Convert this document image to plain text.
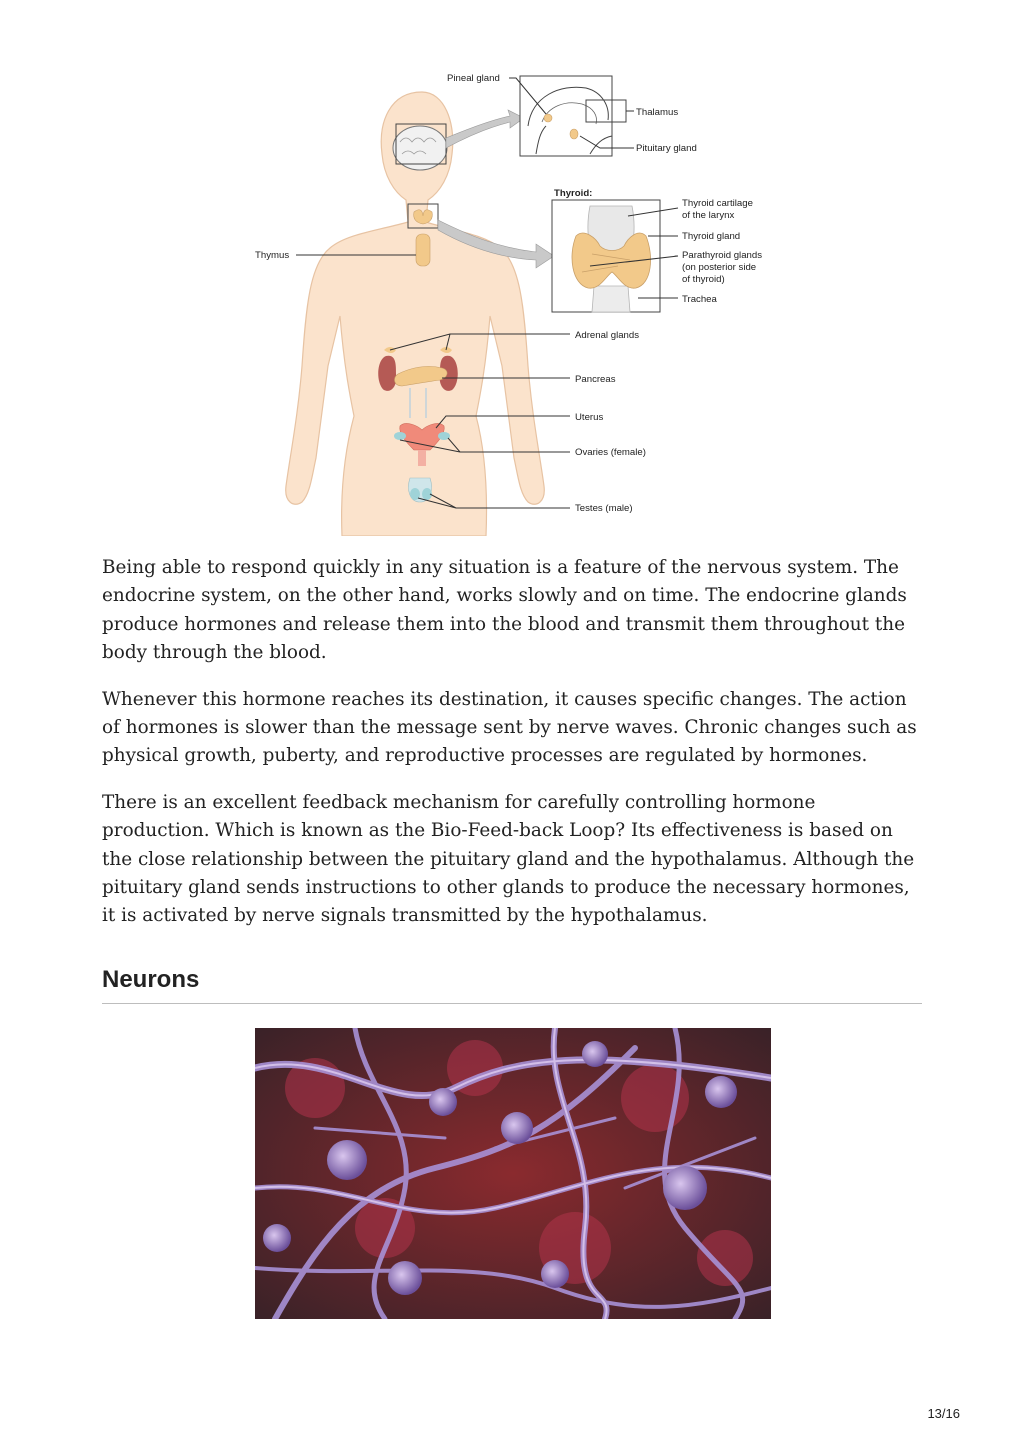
Pineal gland
Thalamus
Pituitary gland
Thyroid:
Thyroid cartilage
of the larynx
Thyroid gland
Parathyroid glands
(on posterior side
of thyroid)
Trachea
Thymus
Adrenal glands
Pancreas
Uterus
Ovaries (female)
Testes (male)

Being able to respond quickly in any situation is a feature of the nervous system. The endocrine system, on the other hand, works slowly and on time. The endocrine glands produce hormones and release them into the blood and transmit them throughout the body through the blood.

Whenever this hormone reaches its destination, it causes specific changes. The action of hormones is slower than the message sent by nerve waves. Chronic changes such as physical growth, puberty, and reproductive processes are regulated by hormones.

There is an excellent feedback mechanism for carefully controlling hormone production. Which is known as the Bio-Feed-back Loop? Its effectiveness is based on the close relationship between the pituitary gland and the hypothalamus. Although the pituitary gland sends instructions to other glands to produce the necessary hormones, it is activated by nerve signals transmitted by the hypothalamus.

Neurons
13/16
